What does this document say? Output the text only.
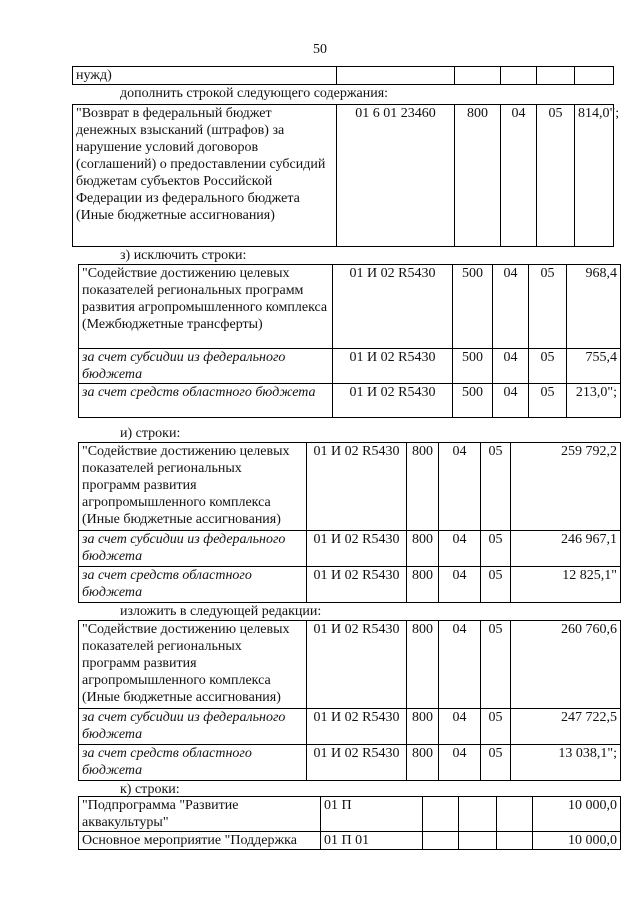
50
нужд)					
дополнить строкой следующего содержания:
"Возврат в федеральный бюджет денежных взысканий (штрафов) за нарушение условий договоров (соглашений) о предоставлении субсидий бюджетам субъектов Российской Федерации из федерального бюджета (Иные бюджетные ассигнования)	01 6 01 23460	800	04	05	814,0";
з) исключить строки:
"Содействие достижению целевых показателей региональных программ развития агропромышленного комплекса (Межбюджетные трансферты)	01 И 02 R5430	500	04	05	968,4
за счет субсидии из федерального бюджета	01 И 02 R5430	500	04	05	755,4
за счет средств областного бюджета	01 И 02 R5430	500	04	05	213,0";
и) строки:
"Содействие достижению целевых показателей региональных программ развития агропромышленного комплекса (Иные бюджетные ассигнования)	01 И 02 R5430	800	04	05	259 792,2
за счет субсидии из федерального бюджета	01 И 02 R5430	800	04	05	246 967,1
за счет средств областного бюджета	01 И 02 R5430	800	04	05	12 825,1"
изложить в следующей редакции:
"Содействие достижению целевых показателей региональных программ развития агропромышленного комплекса (Иные бюджетные ассигнования)	01 И 02 R5430	800	04	05	260 760,6
за счет субсидии из федерального бюджета	01 И 02 R5430	800	04	05	247 722,5
за счет средств областного бюджета	01 И 02 R5430	800	04	05	13 038,1";
к) строки:
"Подпрограмма "Развитие аквакультуры"	01 П				10 000,0
Основное мероприятие "Поддержка	01 П 01				10 000,0
